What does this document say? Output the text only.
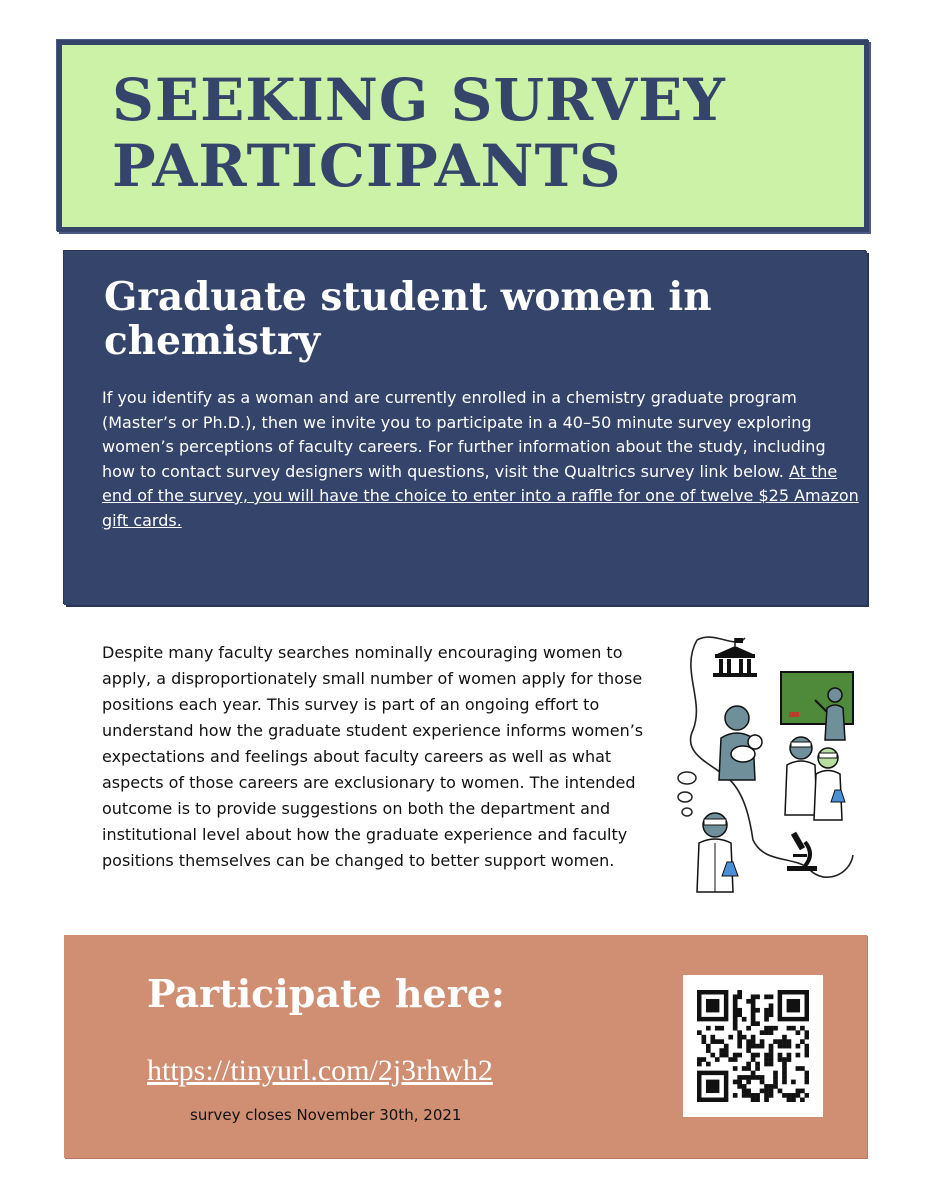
SEEKING SURVEY PARTICIPANTS
Graduate student women in chemistry

If you identify as a woman and are currently enrolled in a chemistry graduate program (Master’s or Ph.D.), then we invite you to participate in a 40–50 minute survey exploring women’s perceptions of faculty careers. For further information about the study, including how to contact survey designers with questions, visit the Qualtrics survey link below. At the end of the survey, you will have the choice to enter into a raffle for one of twelve $25 Amazon gift cards.

Despite many faculty searches nominally encouraging women to apply, a disproportionately small number of women apply for those positions each year. This survey is part of an ongoing effort to understand how the graduate student experience informs women’s expectations and feelings about faculty careers as well as what aspects of those careers are exclusionary to women. The intended outcome is to provide suggestions on both the department and institutional level about how the graduate experience and faculty positions themselves can be changed to better support women.

Participate here:
https://tinyurl.com/2j3rhwh2
survey closes November 30th, 2021
